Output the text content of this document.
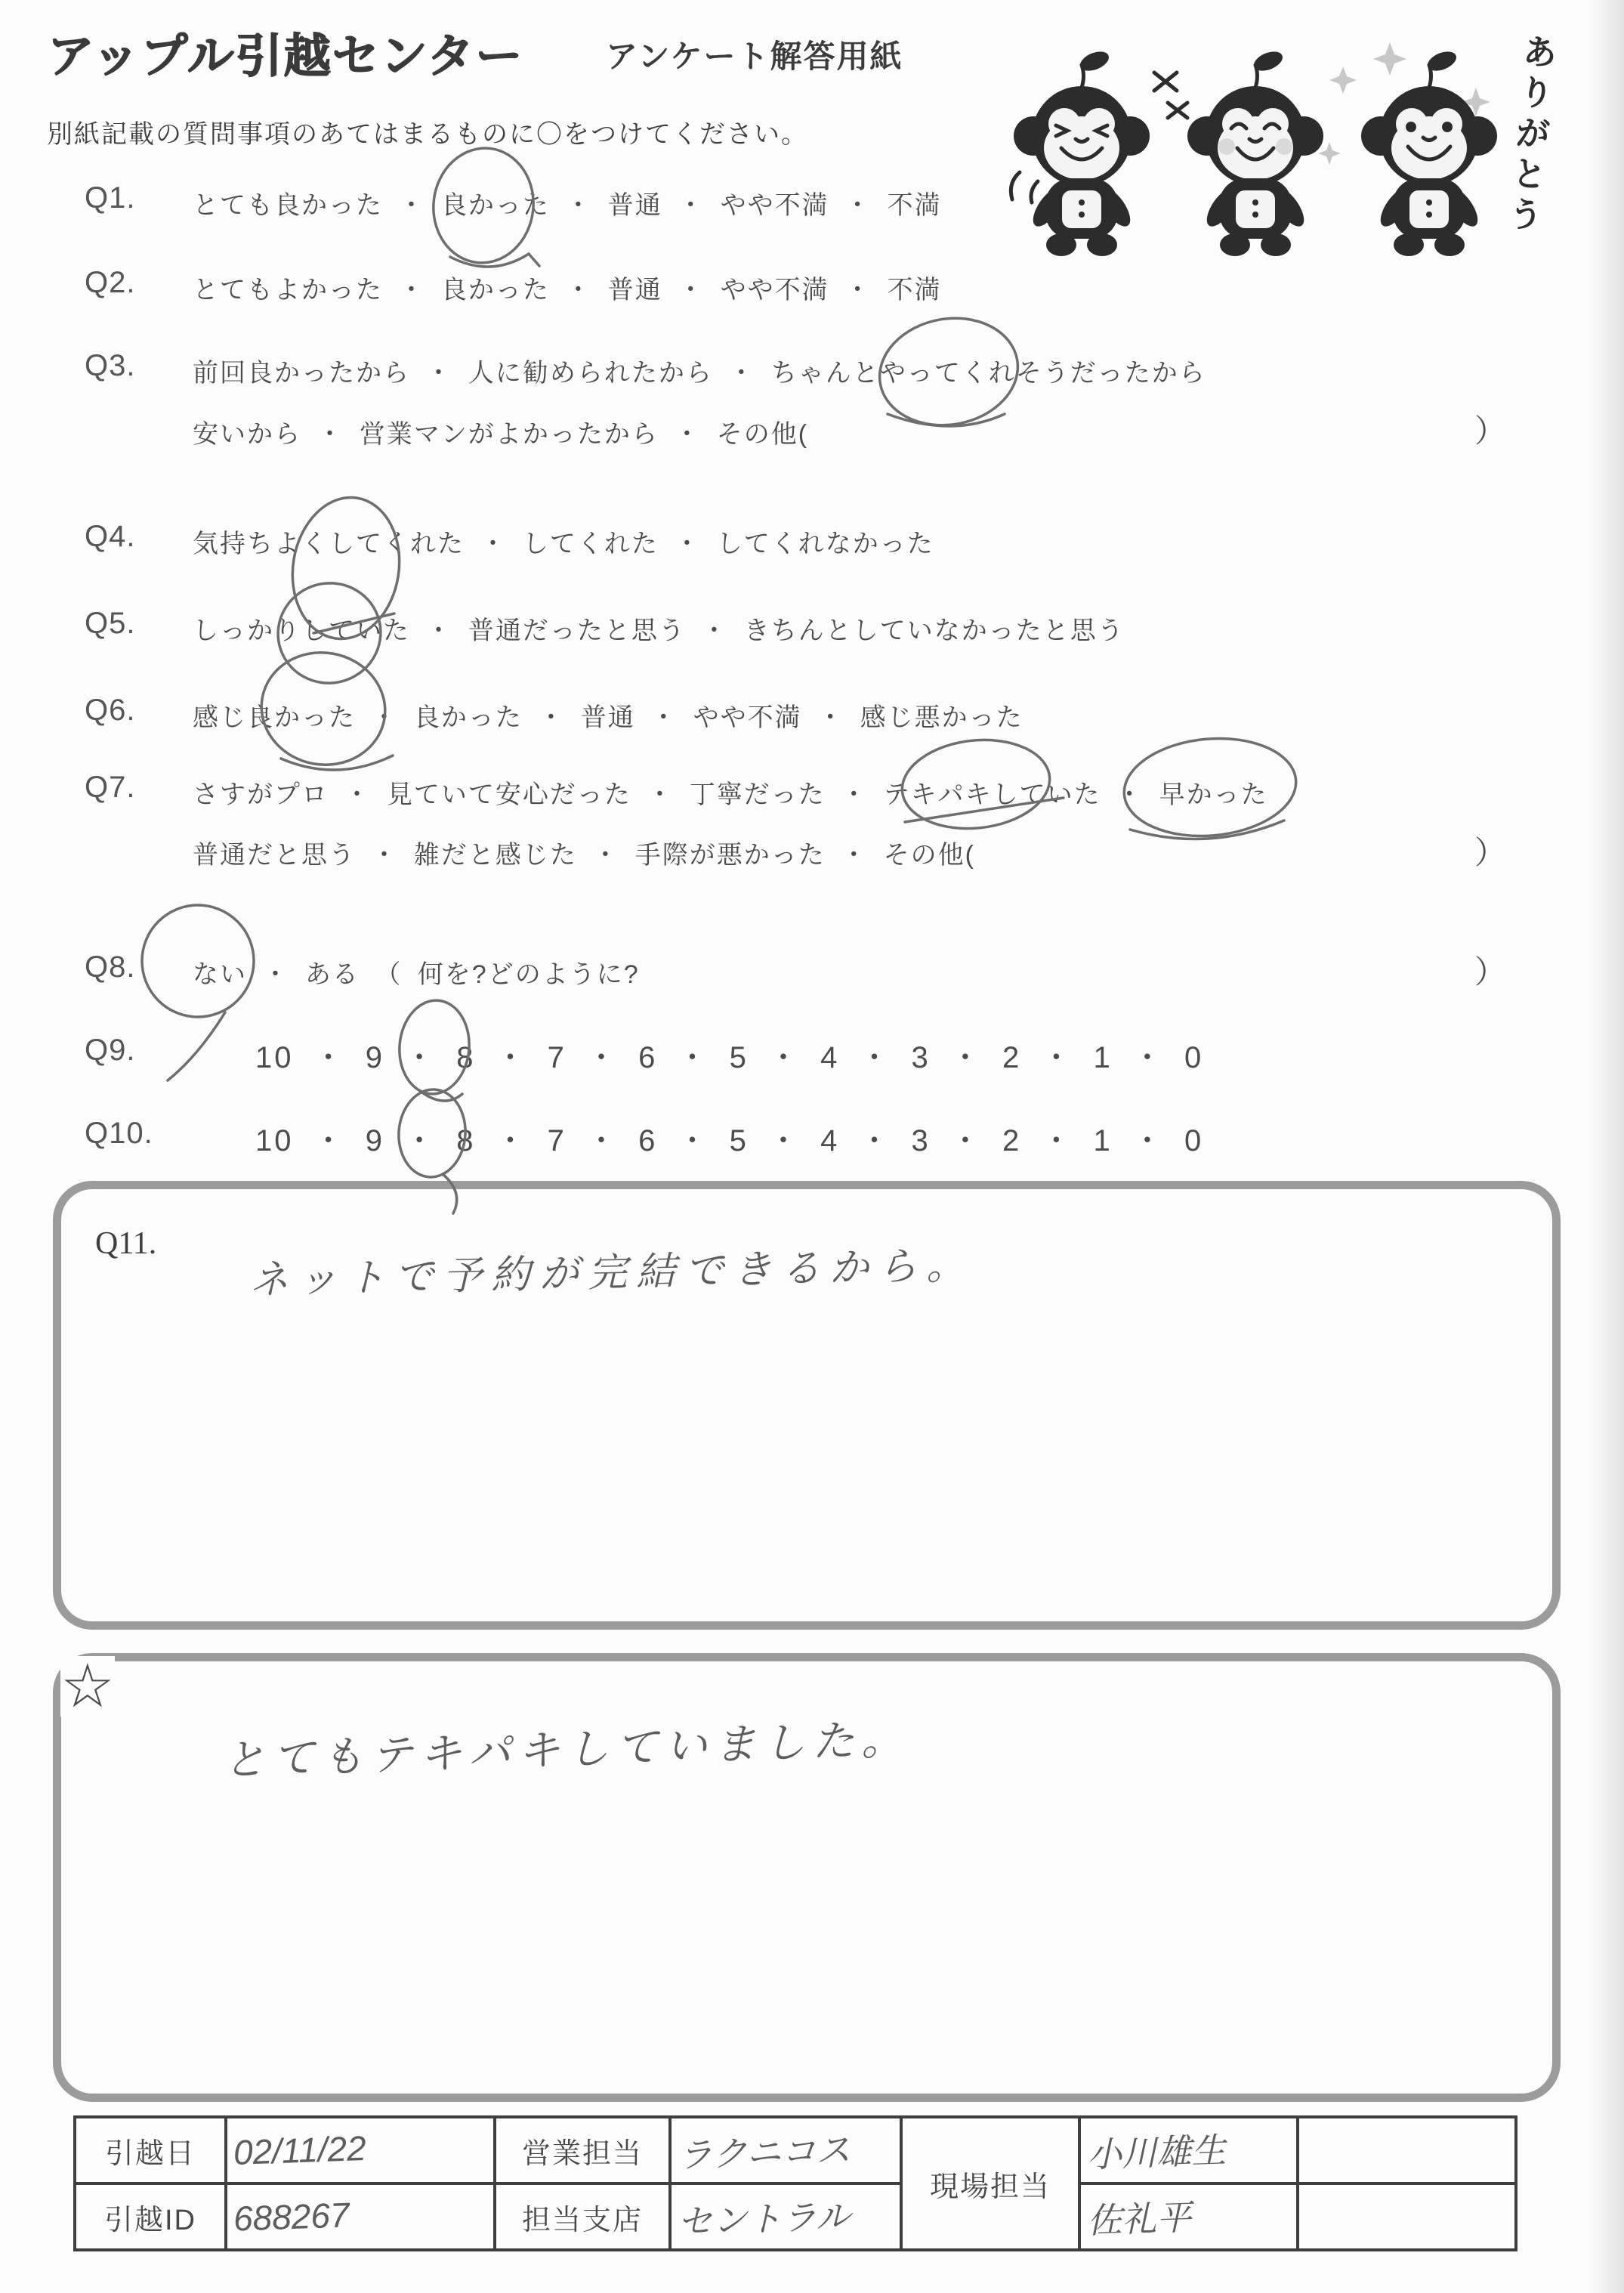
アップル引越センター	アンケート解答用紙
別紙記載の質問事項のあてはまるものに〇をつけてください。	ありがとう
Q1. とても良かった ・ 良かった ・ 普通 ・ やや不満 ・ 不満
Q2. とてもよかった ・ 良かった ・ 普通 ・ やや不満 ・ 不満
Q3. 前回良かったから ・ 人に勧められたから ・ ちゃんとやってくれそうだったから
安いから ・ 営業マンがよかったから ・ その他(	）
Q4. 気持ちよくしてくれた ・ してくれた ・ してくれなかった
Q5. しっかりしていた ・ 普通だったと思う ・ きちんとしていなかったと思う
Q6. 感じ良かった ・ 良かった ・ 普通 ・ やや不満 ・ 感じ悪かった
Q7. さすがプロ ・ 見ていて安心だった ・ 丁寧だった ・ テキパキしていた ・ 早かった
普通だと思う ・ 雑だと感じた ・ 手際が悪かった ・ その他(	）
Q8. ない ・ ある （ 何を?どのように?	）
Q9.	10 ・ 9 ・ 8 ・ 7 ・ 6 ・ 5 ・ 4 ・ 3 ・ 2 ・ 1 ・ 0
Q10.	10 ・ 9 ・ 8 ・ 7 ・ 6 ・ 5 ・ 4 ・ 3 ・ 2 ・ 1 ・ 0
Q11. ネットで予約が完結できるから。
☆
とてもテキパキしていました。
引越日	02/11/22	営業担当	ラクニコス	現場担当	小川雄生	
引越ID	688267	担当支店	セントラル		佐礼平	
